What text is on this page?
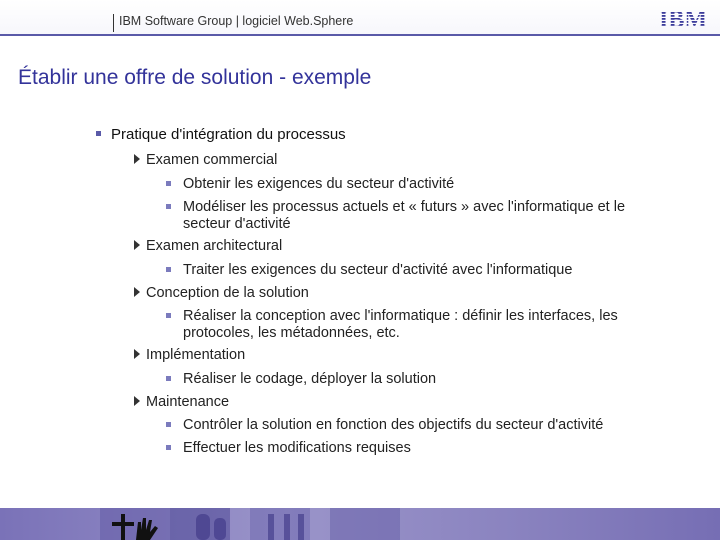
IBM Software Group | logiciel Web.Sphere
Établir une offre de solution - exemple
Pratique d'intégration du processus
Examen commercial
Obtenir les exigences du secteur d'activité
Modéliser les processus actuels et « futurs » avec l'informatique et le secteur d'activité
Examen architectural
Traiter les exigences du secteur d'activité avec l'informatique
Conception de la solution
Réaliser la conception avec l'informatique : définir les interfaces, les protocoles, les métadonnées, etc.
Implémentation
Réaliser le codage, déployer la solution
Maintenance
Contrôler la solution en fonction des objectifs du secteur d'activité
Effectuer les modifications requises
